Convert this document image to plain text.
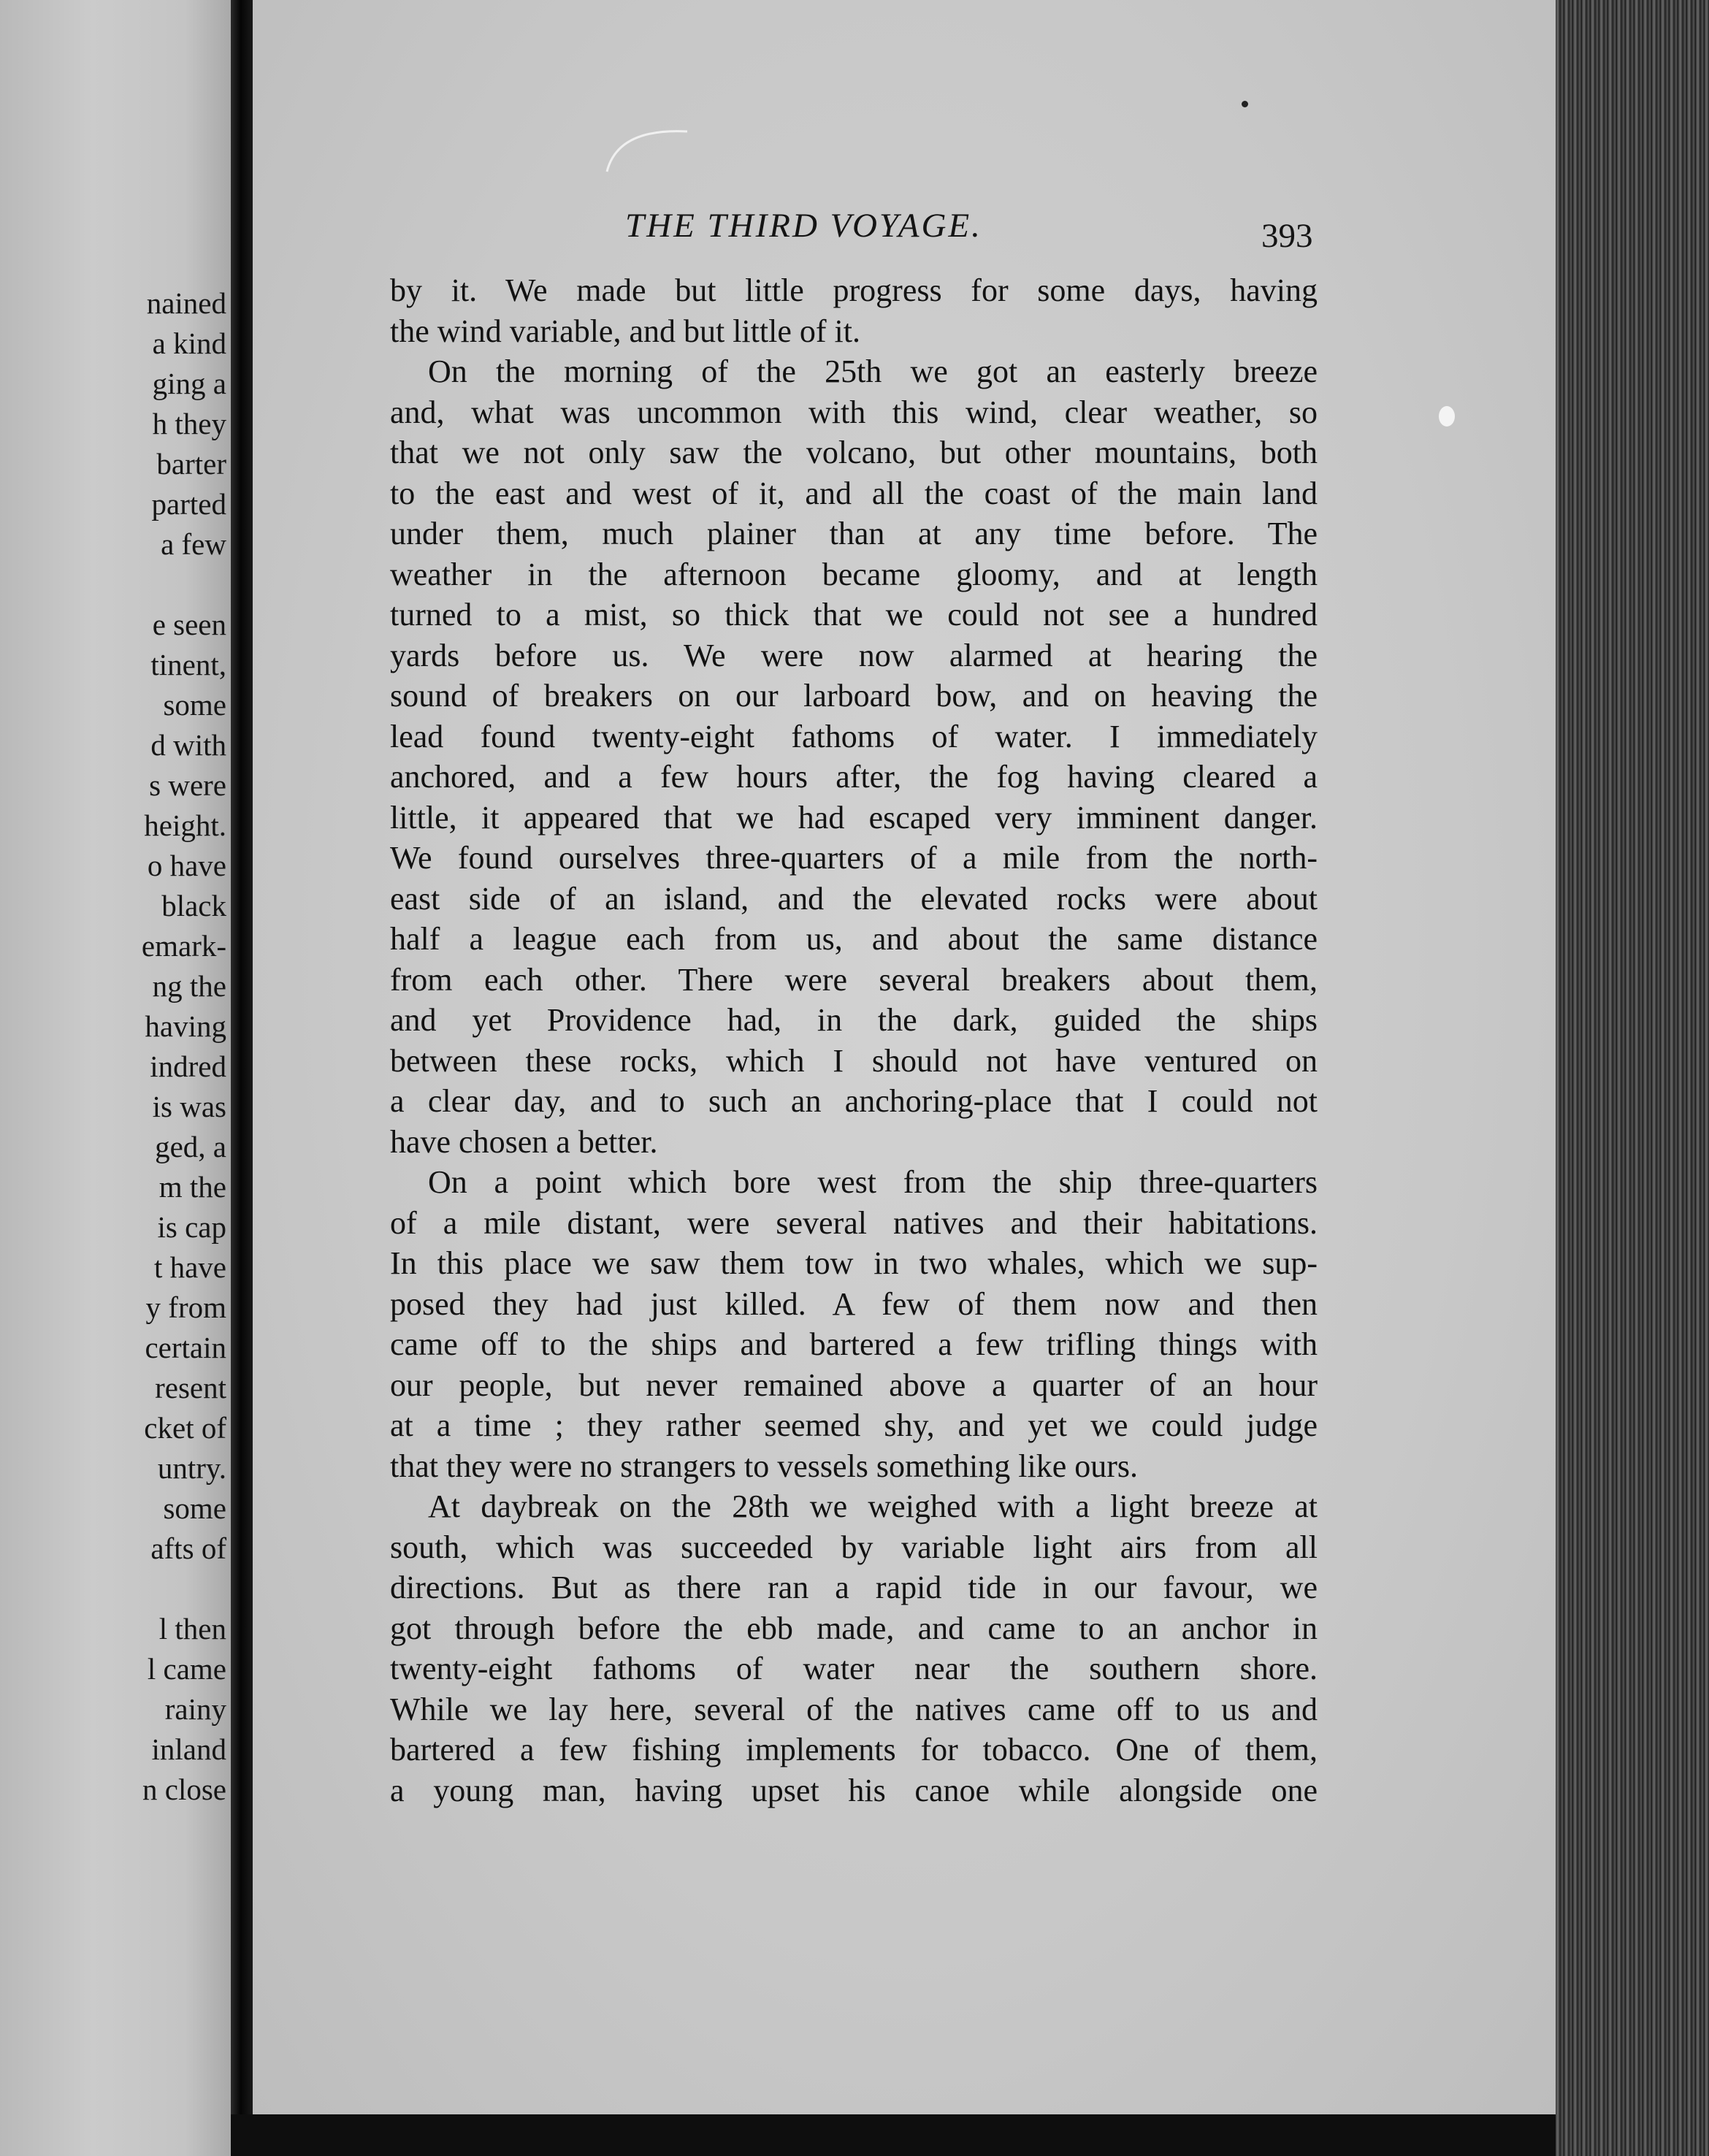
nained
a kind
ging a
h they
barter
parted
a few
e seen
tinent,
some
d with
s were
height.
o have
black
emark-
ng the
having
indred
is was
ged, a
m the
is cap
t have
y from
certain
resent
cket of
untry.
some
afts of
l then
l came
rainy
inland
n close
THE THIRD VOYAGE.	393
by it. We made but little progress for some days, having
the wind variable, and but little of it.
On the morning of the 25th we got an easterly breeze
and, what was uncommon with this wind, clear weather, so
that we not only saw the volcano, but other mountains, both
to the east and west of it, and all the coast of the main land
under them, much plainer than at any time before. The
weather in the afternoon became gloomy, and at length
turned to a mist, so thick that we could not see a hundred
yards before us. We were now alarmed at hearing the
sound of breakers on our larboard bow, and on heaving the
lead found twenty-eight fathoms of water. I immediately
anchored, and a few hours after, the fog having cleared a
little, it appeared that we had escaped very imminent danger.
We found ourselves three-quarters of a mile from the north-
east side of an island, and the elevated rocks were about
half a league each from us, and about the same distance
from each other. There were several breakers about them,
and yet Providence had, in the dark, guided the ships
between these rocks, which I should not have ventured on
a clear day, and to such an anchoring-place that I could not
have chosen a better.
On a point which bore west from the ship three-quarters
of a mile distant, were several natives and their habitations.
In this place we saw them tow in two whales, which we sup-
posed they had just killed. A few of them now and then
came off to the ships and bartered a few trifling things with
our people, but never remained above a quarter of an hour
at a time ; they rather seemed shy, and yet we could judge
that they were no strangers to vessels something like ours.
At daybreak on the 28th we weighed with a light breeze at
south, which was succeeded by variable light airs from all
directions. But as there ran a rapid tide in our favour, we
got through before the ebb made, and came to an anchor in
twenty-eight fathoms of water near the southern shore.
While we lay here, several of the natives came off to us and
bartered a few fishing implements for tobacco. One of them,
a young man, having upset his canoe while alongside one
